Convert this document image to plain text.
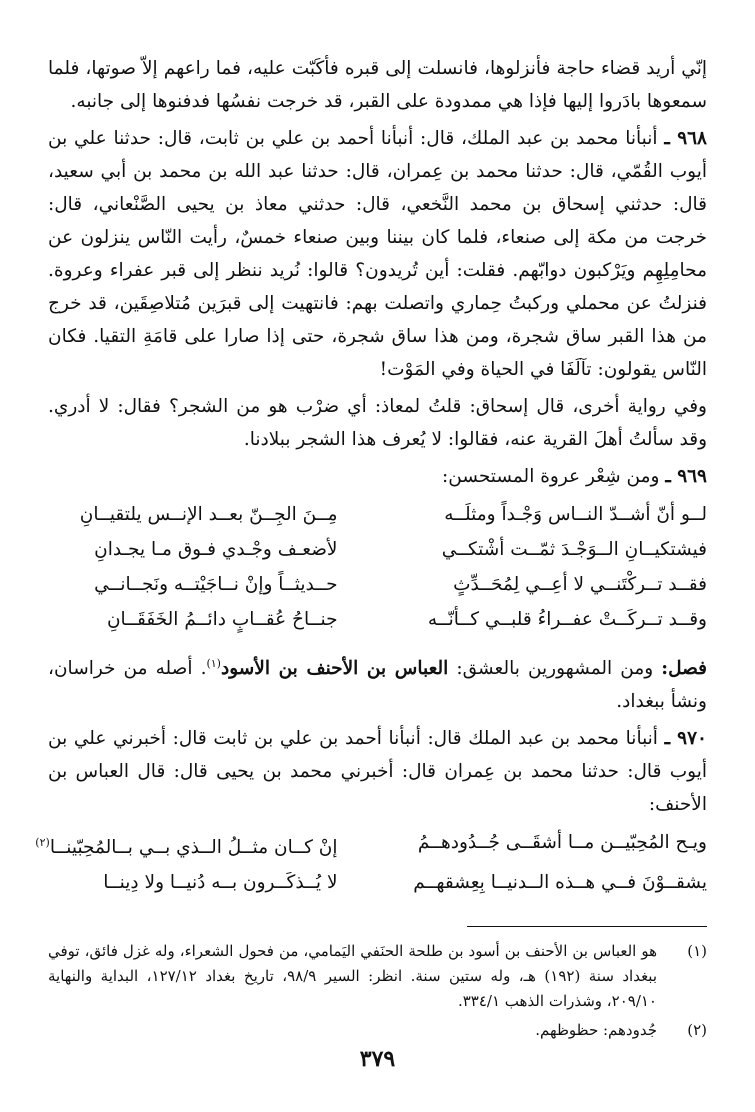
إنّي أريد قضاء حاجة فأنزلوها، فانسلت إلى قبره فأكَبّت عليه، فما راعهم إلاّ صوتها، فلما سمعوها بادَروا إليها فإذا هي ممدودة على القبر، قد خرجت نفسُها فدفنوها إلى جانبه.

٩٦٨ ـ أنبأنا محمد بن عبد الملك، قال: أنبأنا أحمد بن علي بن ثابت، قال: حدثنا علي بن أيوب القُمّي، قال: حدثنا محمد بن عِمران، قال: حدثنا عبد الله بن محمد بن أبي سعيد، قال: حدثني إسحاق بن محمد النَّخعي، قال: حدثني معاذ بن يحيى الصَّنْعاني، قال: خرجت من مكة إلى صنعاء، فلما كان بيننا وبين صنعاء خمسٌ، رأيت النّاس ينزلون عن محامِلِهِم ويَرْكبون دوابّهم. فقلت: أين تُريدون؟ قالوا: نُريد ننظر إلى قبر عفراء وعروة. فنزلتُ عن محملي وركبتُ حِماري واتصلت بهم: فانتهيت إلى قبرَين مُتلاصِقَين، قد خرج من هذا القبر ساق شجرة، ومن هذا ساق شجرة، حتى إذا صارا على قامَةِ التقيا. فكان النّاس يقولون: تآلَفَا في الحياة وفي المَوْت!

وفي رواية أخرى، قال إسحاق: قلتُ لمعاذ: أي ضرْب هو من الشجر؟ فقال: لا أدري. وقد سألتُ أهلَ القرية عنه، فقالوا: لا يُعرف هذا الشجر ببلادنا.

٩٦٩ ـ ومن شِعْر عروة المستحسن:

لــو أنّ أشــدّ النــاس وَجْـداً ومثلَــه
مِــنَ الجِــنّ بعــد الإنــس يلتقيــانِ
فيشتكيــانِ الــوَجْـدَ ثمّــت أشْتكــي
لأضعـف وجْـدي فـوق مـا يجـدانِ
فقــد تــركْتَنــي لا أعِــي لِمُحَــدِّثٍ
حــديثــاً وإنْ نــاجَيْتــه ونَجــانــي
وقــد تــركَــتْ عفــراءُ قلبــي كــأنّــه
جنــاحُ عُقــابٍ دائــمُ الخَفَقَــانِ

فصل: ومن المشهورين بالعشق: العباس بن الأحنف بن الأسود$^{(١)}$. أصله من خراسان، ونشأ ببغداد.

٩٧٠ ـ أنبأنا محمد بن عبد الملك قال: أنبأنا أحمد بن علي بن ثابت قال: أخبرني علي بن أيوب قال: حدثنا محمد بن عِمران قال: أخبرني محمد بن يحيى قال: قال العباس بن الأحنف:

ويـح المُحِبّيــن مــا أشقَــى جُــدُودهــمُ
إنْ كــان مثــلُ الــذي بــي بــالمُحِبّينــا$^{(٢)}$
يشقــوْنَ فــي هــذه الــدنيــا بِعِشقهــم
لا يُــذكَــرون بــه دُنيــا ولا دِينــا
(١)
هو العباس بن الأحنف بن أسود بن طلحة الحنَفي اليَمامي، من فحول الشعراء، وله غزل فائق، توفي ببغداد سنة (١٩٢) هـ، وله ستين سنة. انظر: السير ٩٨/٩، تاريخ بغداد ١٢٧/١٢، البداية والنهاية ٢٠٩/١٠، وشذرات الذهب ٣٣٤/١.
(٢)
جُدودهم: حظوظهم.
٣٧٩
